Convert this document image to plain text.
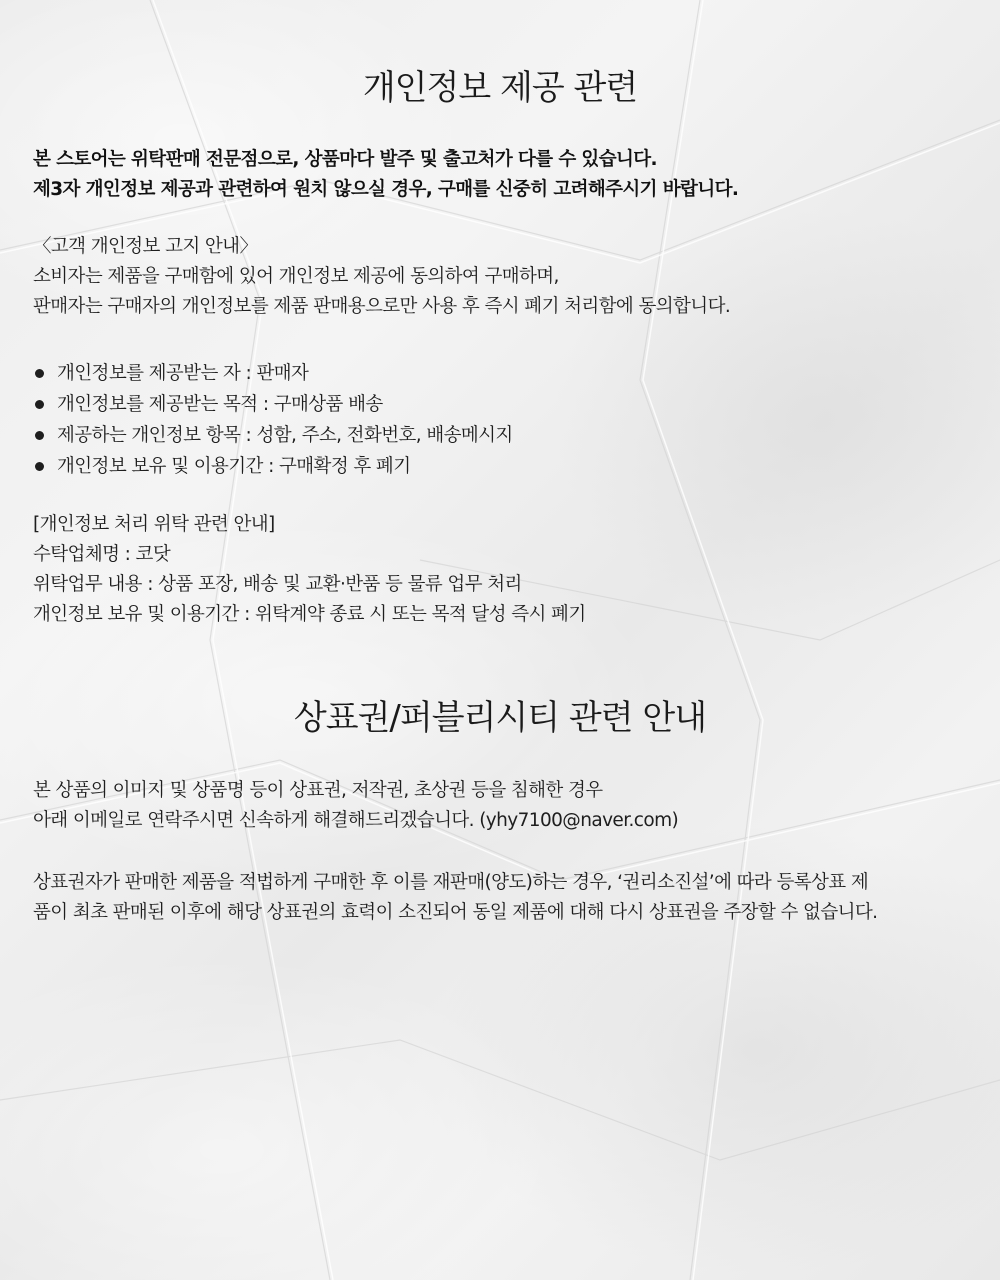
개인정보 제공 관련

본 스토어는 위탁판매 전문점으로, 상품마다 발주 및 출고처가 다를 수 있습니다.
제3자 개인정보 제공과 관련하여 원치 않으실 경우, 구매를 신중히 고려해주시기 바랍니다.

〈고객 개인정보 고지 안내〉
소비자는 제품을 구매함에 있어 개인정보 제공에 동의하여 구매하며,
판매자는 구매자의 개인정보를 제품 판매용으로만 사용 후 즉시 폐기 처리함에 동의합니다.

개인정보를 제공받는 자 : 판매자
개인정보를 제공받는 목적 : 구매상품 배송
제공하는 개인정보 항목 : 성함, 주소, 전화번호, 배송메시지
개인정보 보유 및 이용기간 : 구매확정 후 폐기

[개인정보 처리 위탁 관련 안내]
수탁업체명 : 코닷
위탁업무 내용 : 상품 포장, 배송 및 교환·반품 등 물류 업무 처리
개인정보 보유 및 이용기간 : 위탁계약 종료 시 또는 목적 달성 즉시 폐기

상표권/퍼블리시티 관련 안내

본 상품의 이미지 및 상품명 등이 상표권, 저작권, 초상권 등을 침해한 경우
아래 이메일로 연락주시면 신속하게 해결해드리겠습니다. (yhy7100@naver.com)

상표권자가 판매한 제품을 적법하게 구매한 후 이를 재판매(양도)하는 경우, ‘권리소진설’에 따라 등록상표 제
품이 최초 판매된 이후에 해당 상표권의 효력이 소진되어 동일 제품에 대해 다시 상표권을 주장할 수 없습니다.
